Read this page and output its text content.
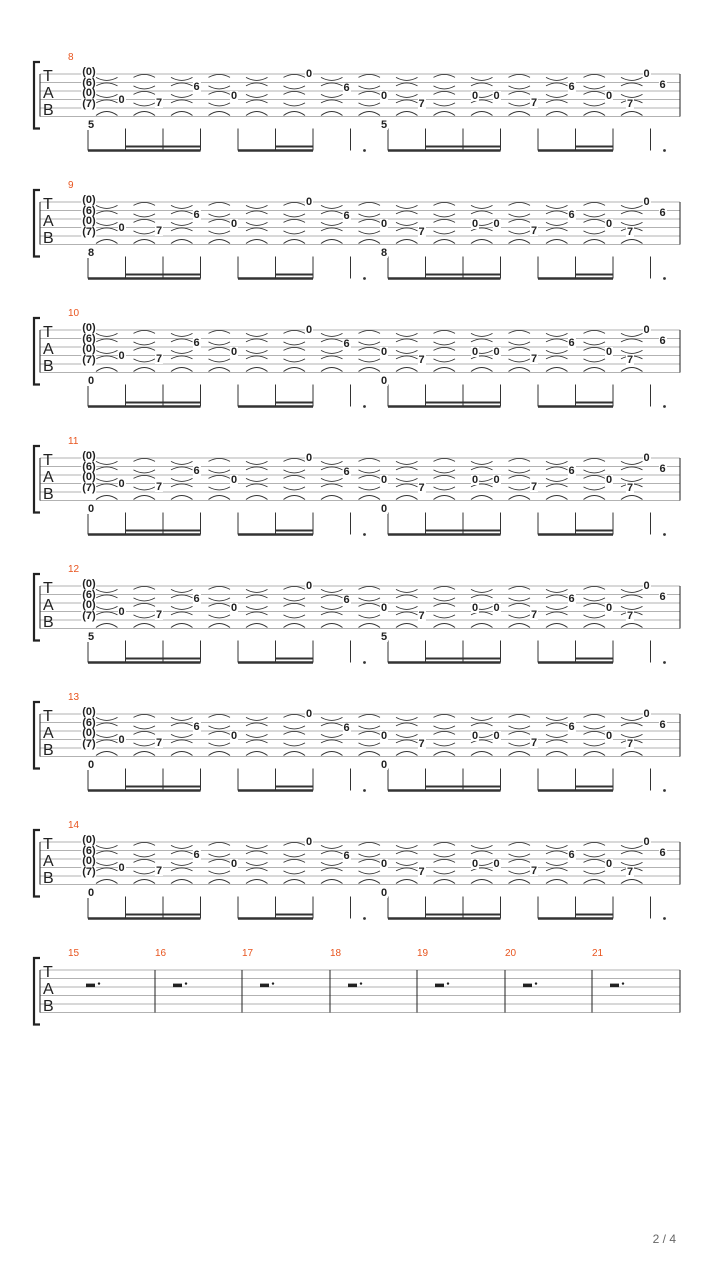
8
T
A
B
(0)
(6)
(0)
(7) 0	7
6
0
0
6
0
7
0
7
6
0
0
0
6
7
5	5
9
T
A
B
(0)
(6)
(0)
(7) 0	7
6
0
0
6
0
7
0
7
6
0
0
0
6
7
8	8
10
T
A
B
(0)
(6)
(0)
(7) 0	7
6
0
0
6
0
7
0
7
6
0
0
0
6
7
0	0
11
T
A
B
(0)
(6)
(0)
(7) 0	7
6
0
0
6
0
7
0
7
6
0
0
0
6
7
0	0
12
T
A
B
(0)
(6)
(0)
(7) 0	7
6
0
0
6
0
7
0
7
6
0
0
0
6
7
5	5
13
T
A
B
(0)
(6)
(0)
(7) 0	7
6
0
0
6
0
7
0
7
6
0
0
0
6
7
0	0
14
T
A
B
(0)
(6)
(0)
(7) 0	7
6
0
0
6
0
7
0
7
6
0
0
0
6
7
0	0
T
A
B
15	16	17	18	19	20	21
2 / 4
